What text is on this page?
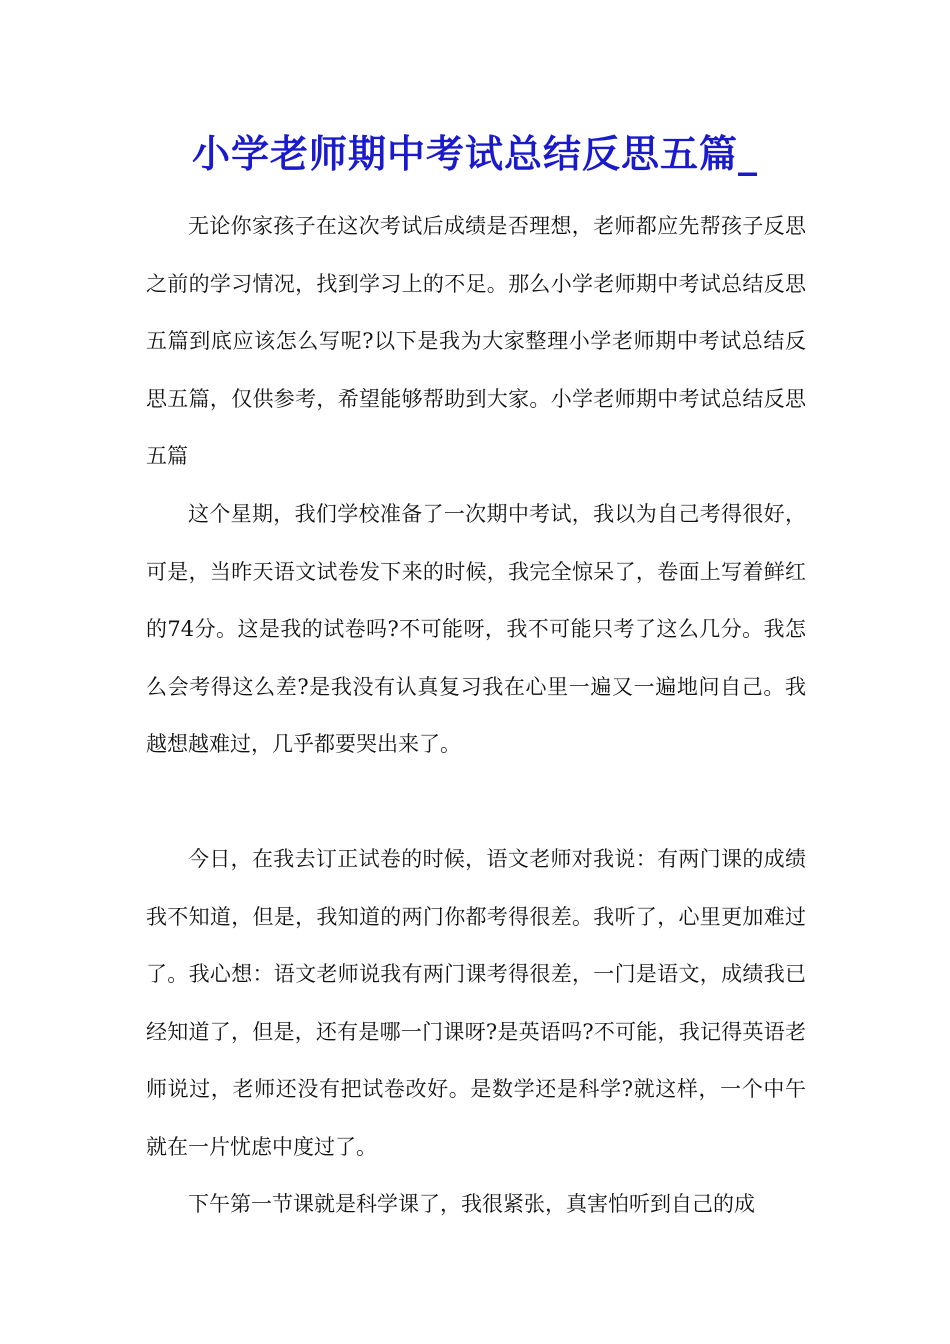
小学老师期中考试总结反思五篇_

无论你家孩子在这次考试后成绩是否理想，老师都应先帮孩子反思之前的学习情况，找到学习上的不足。那么小学老师期中考试总结反思五篇到底应该怎么写呢?以下是我为大家整理小学老师期中考试总结反思五篇，仅供参考，希望能够帮助到大家。小学老师期中考试总结反思五篇

这个星期，我们学校准备了一次期中考试，我以为自己考得很好，可是，当昨天语文试卷发下来的时候，我完全惊呆了，卷面上写着鲜红的74分。这是我的试卷吗?不可能呀，我不可能只考了这么几分。我怎么会考得这么差?是我没有认真复习我在心里一遍又一遍地问自己。我越想越难过，几乎都要哭出来了。

今日，在我去订正试卷的时候，语文老师对我说：有两门课的成绩我不知道，但是，我知道的两门你都考得很差。我听了，心里更加难过了。我心想：语文老师说我有两门课考得很差，一门是语文，成绩我已经知道了，但是，还有是哪一门课呀?是英语吗?不可能，我记得英语老师说过，老师还没有把试卷改好。是数学还是科学?就这样，一个中午就在一片忧虑中度过了。

下午第一节课就是科学课了，我很紧张，真害怕听到自己的成
